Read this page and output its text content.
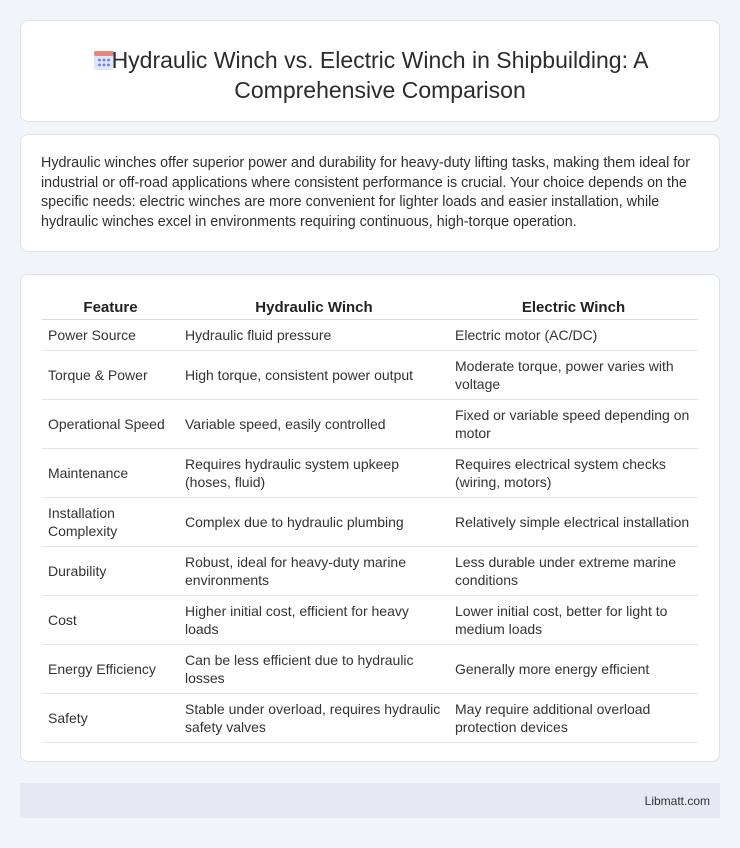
Hydraulic Winch vs. Electric Winch in Shipbuilding: A Comprehensive Comparison

Hydraulic winches offer superior power and durability for heavy-duty lifting tasks, making them ideal for industrial or off-road applications where consistent performance is crucial. Your choice depends on the specific needs: electric winches are more convenient for lighter loads and easier installation, while hydraulic winches excel in environments requiring continuous, high-torque operation.

Feature	Hydraulic Winch	Electric Winch
Power Source	Hydraulic fluid pressure	Electric motor (AC/DC)
Torque & Power	High torque, consistent power output	Moderate torque, power varies with voltage
Operational Speed	Variable speed, easily controlled	Fixed or variable speed depending on motor
Maintenance	Requires hydraulic system upkeep (hoses, fluid)	Requires electrical system checks (wiring, motors)
Installation Complexity	Complex due to hydraulic plumbing	Relatively simple electrical installation
Durability	Robust, ideal for heavy-duty marine environments	Less durable under extreme marine conditions
Cost	Higher initial cost, efficient for heavy loads	Lower initial cost, better for light to medium loads
Energy Efficiency	Can be less efficient due to hydraulic losses	Generally more energy efficient
Safety	Stable under overload, requires hydraulic safety valves	May require additional overload protection devices
Libmatt.com
